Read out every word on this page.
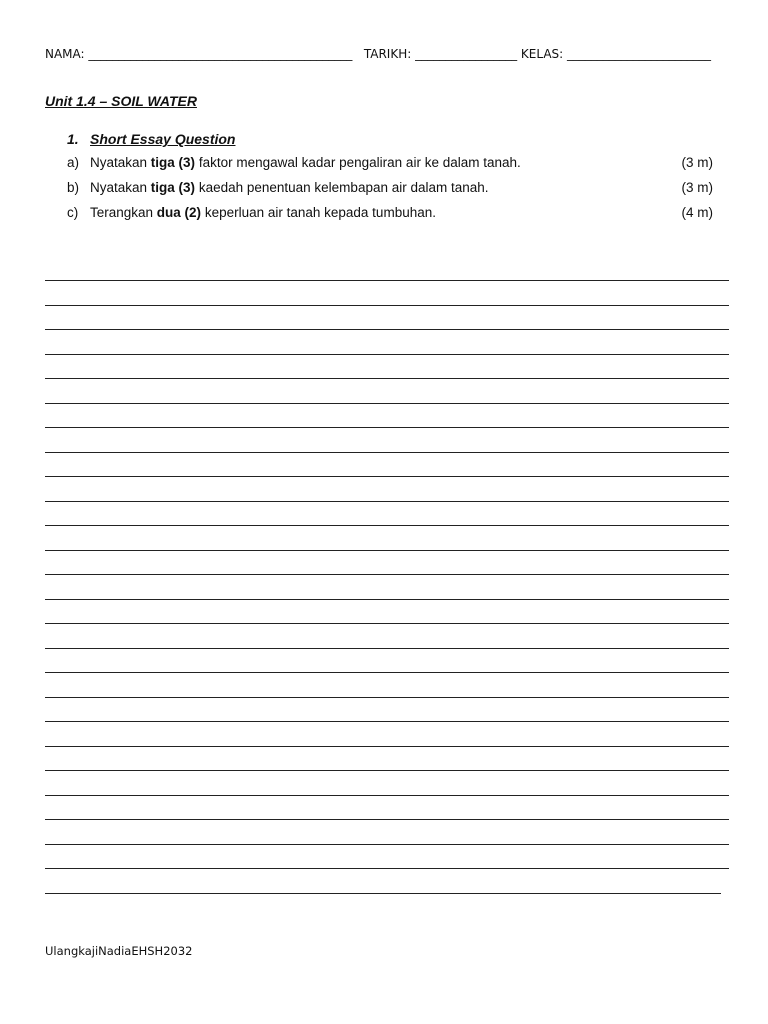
NAMA: ____________________________________________ TARIKH: _________________ KELAS: ________________________
Unit 1.4 – SOIL WATER
1. Short Essay Question
a) Nyatakan tiga (3) faktor mengawal kadar pengaliran air ke dalam tanah.	(3 m)
b) Nyatakan tiga (3) kaedah penentuan kelembapan air dalam tanah.	(3 m)
c) Terangkan dua (2) keperluan air tanah kepada tumbuhan.	(4 m)
UlangkajiNadiaEHSH2032
